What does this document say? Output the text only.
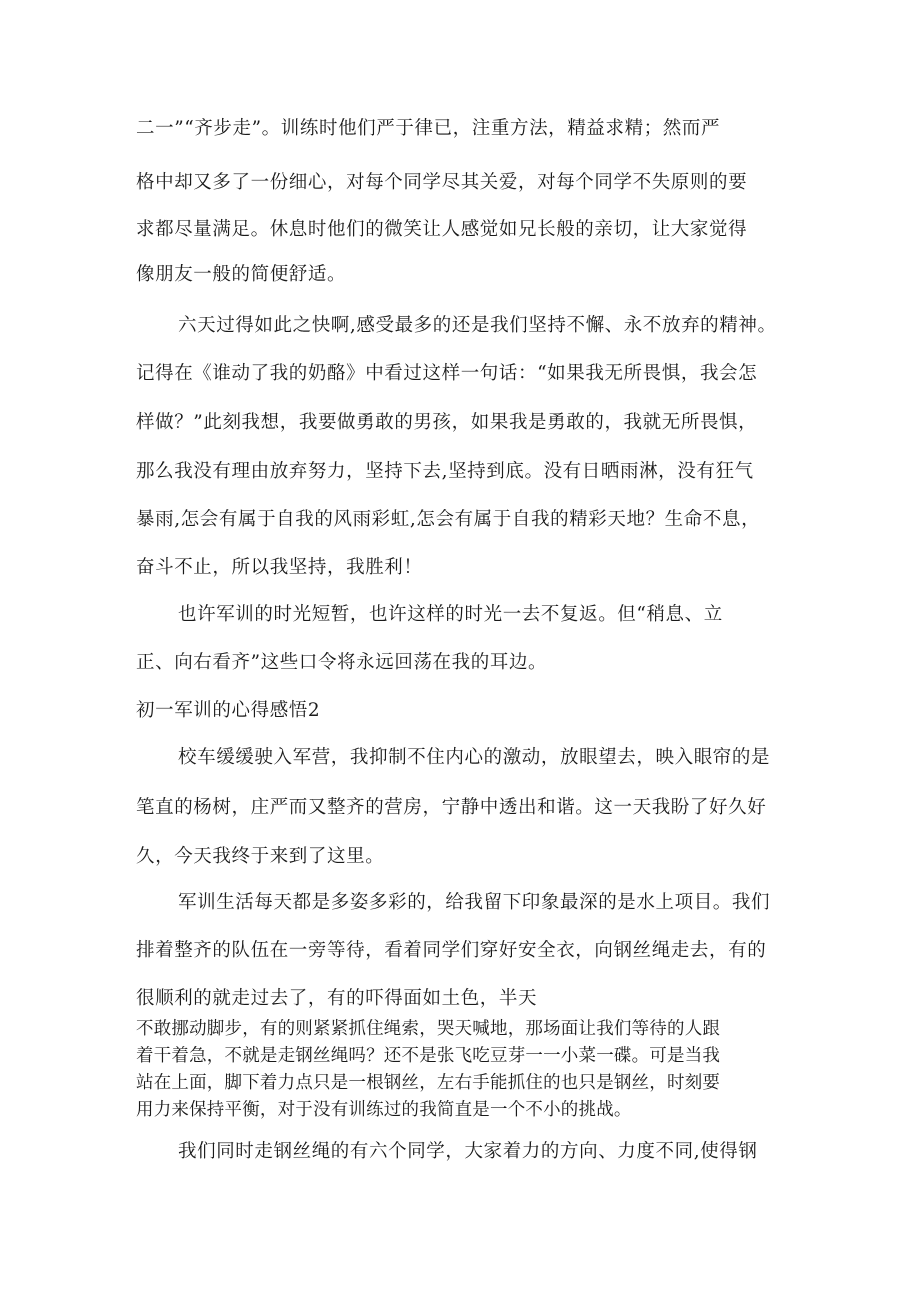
二一”“齐步走”。训练时他们严于律已，注重方法，精益求精；然而严
格中却又多了一份细心，对每个同学尽其关爱，对每个同学不失原则的要
求都尽量满足。休息时他们的微笑让人感觉如兄长般的亲切，让大家觉得
像朋友一般的简便舒适。
六天过得如此之快啊,感受最多的还是我们坚持不懈、永不放弃的精神。
记得在《谁动了我的奶酪》中看过这样一句话：“如果我无所畏惧，我会怎
样做？”此刻我想，我要做勇敢的男孩，如果我是勇敢的，我就无所畏惧，
那么我没有理由放弃努力，坚持下去,坚持到底。没有日晒雨淋，没有狂气
暴雨,怎会有属于自我的风雨彩虹,怎会有属于自我的精彩天地？生命不息，
奋斗不止，所以我坚持，我胜利！
也许军训的时光短暂，也许这样的时光一去不复返。但“稍息、立
正、向右看齐”这些口令将永远回荡在我的耳边。
初一军训的心得感悟2
校车缓缓驶入军营，我抑制不住内心的激动，放眼望去，映入眼帘的是
笔直的杨树，庄严而又整齐的营房，宁静中透出和谐。这一天我盼了好久好
久，今天我终于来到了这里。
军训生活每天都是多姿多彩的，给我留下印象最深的是水上项目。我们
排着整齐的队伍在一旁等待，看着同学们穿好安全衣，向钢丝绳走去，有的
很顺利的就走过去了，有的吓得面如土色，半天
不敢挪动脚步，有的则紧紧抓住绳索，哭天喊地，那场面让我们等待的人跟
着干着急，不就是走钢丝绳吗？还不是张飞吃豆芽一一小菜一碟。可是当我
站在上面，脚下着力点只是一根钢丝，左右手能抓住的也只是钢丝，时刻要
用力来保持平衡，对于没有训练过的我简直是一个不小的挑战。
我们同时走钢丝绳的有六个同学，大家着力的方向、力度不同,使得钢
